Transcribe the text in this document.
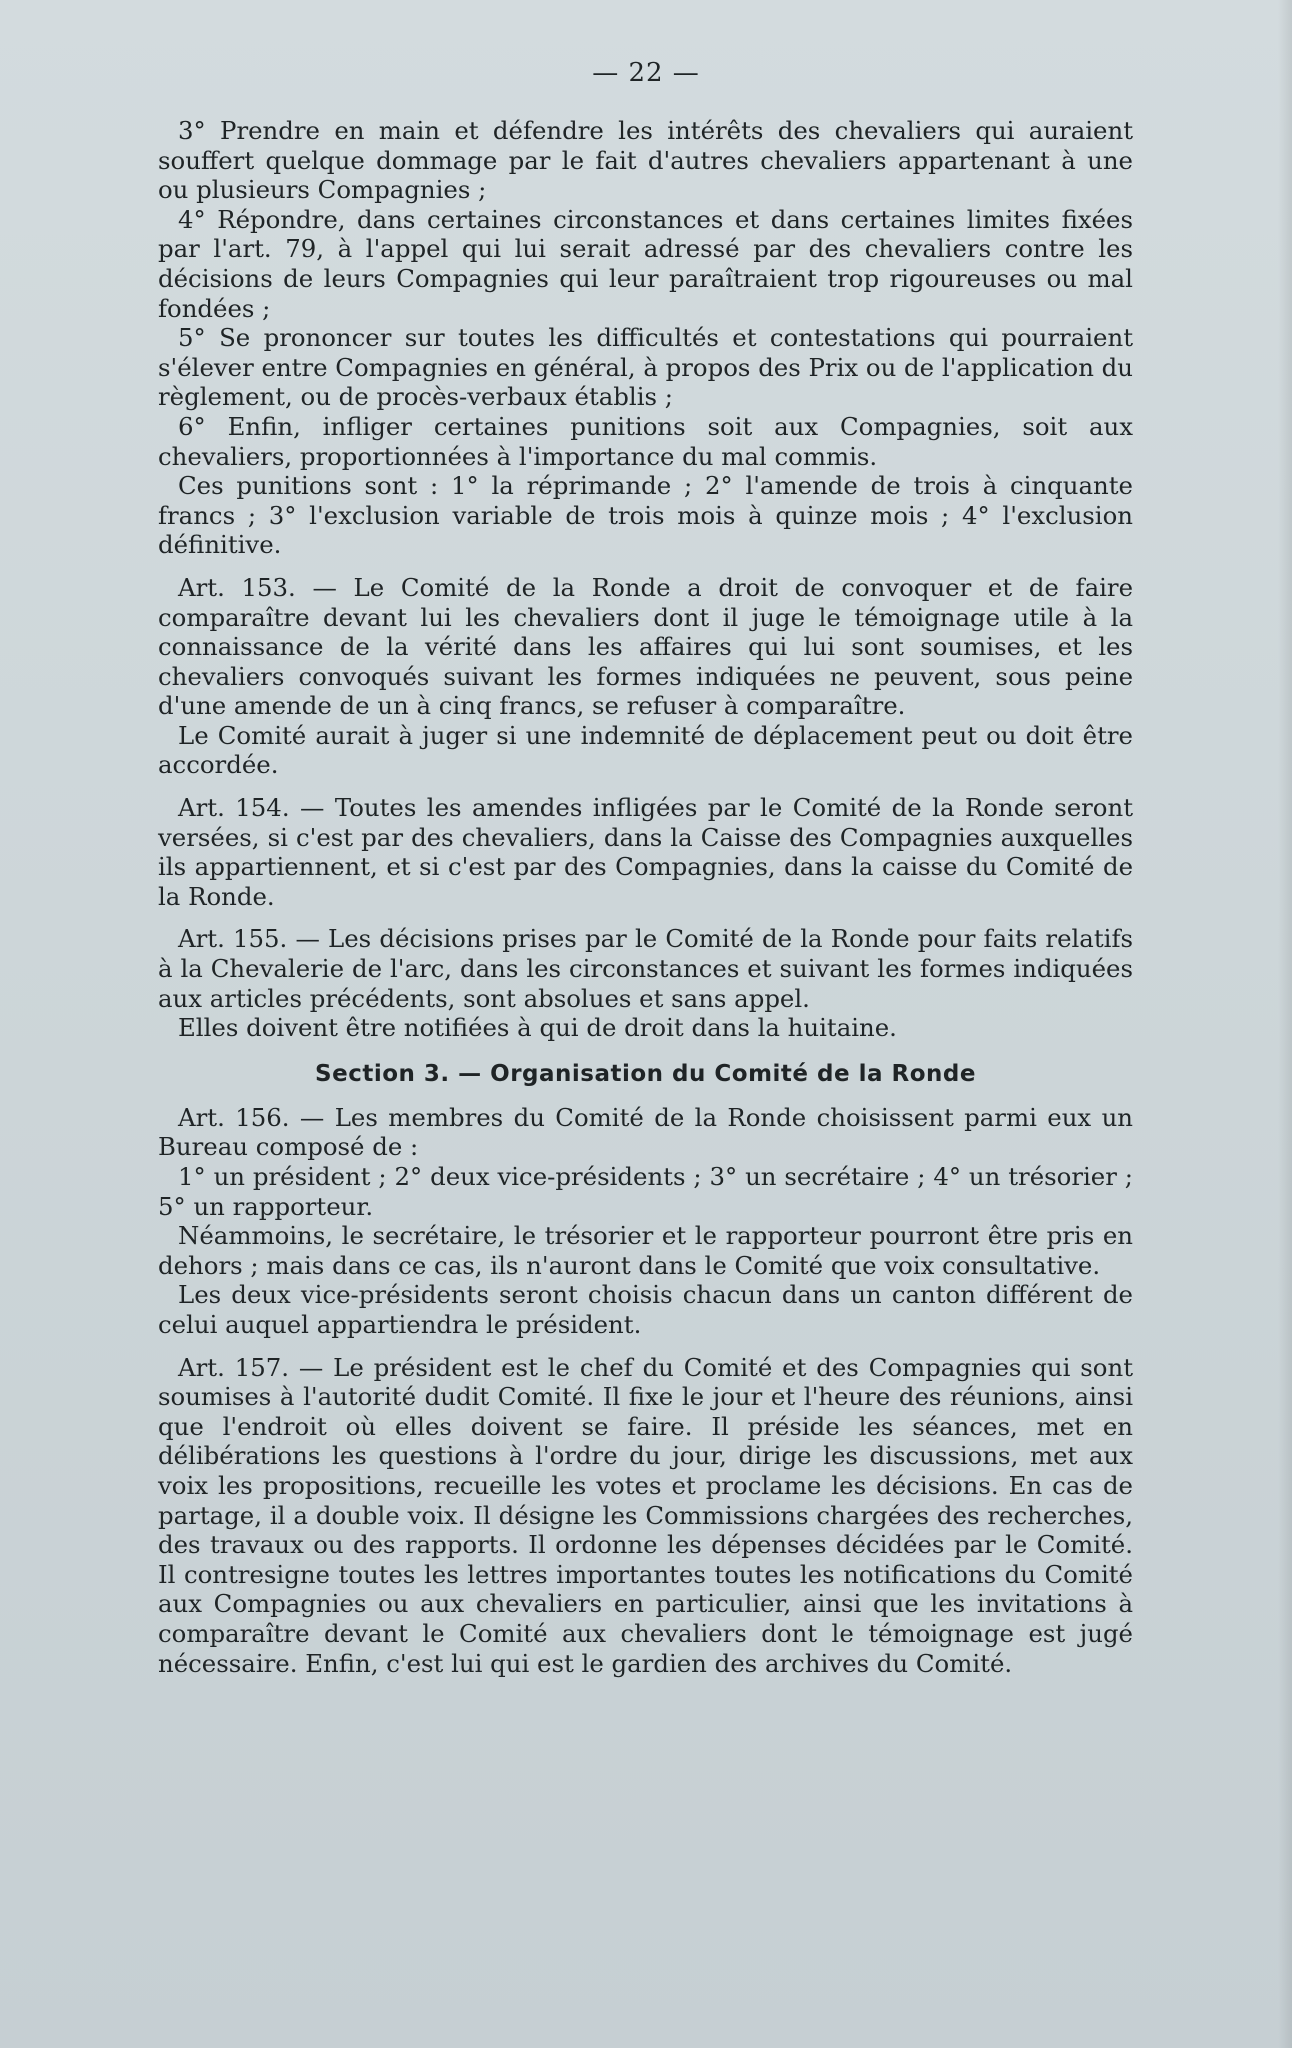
— 22 —

3° Prendre en main et défendre les intérêts des chevaliers qui auraient souffert quelque dommage par le fait d'autres chevaliers appartenant à une ou plusieurs Compagnies ;

4° Répondre, dans certaines circonstances et dans certaines limites fixées par l'art. 79, à l'appel qui lui serait adressé par des chevaliers contre les décisions de leurs Compagnies qui leur paraîtraient trop rigoureuses ou mal fondées ;

5° Se prononcer sur toutes les difficultés et contestations qui pourraient s'élever entre Compagnies en général, à propos des Prix ou de l'application du règlement, ou de procès-verbaux établis ;

6° Enfin, infliger certaines punitions soit aux Compagnies, soit aux chevaliers, proportionnées à l'importance du mal commis.

Ces punitions sont : 1° la réprimande ; 2° l'amende de trois à cinquante francs ; 3° l'exclusion variable de trois mois à quinze mois ; 4° l'exclusion définitive.

Art. 153. — Le Comité de la Ronde a droit de convoquer et de faire comparaître devant lui les chevaliers dont il juge le témoignage utile à la connaissance de la vérité dans les affaires qui lui sont soumises, et les chevaliers convoqués suivant les formes indiquées ne peuvent, sous peine d'une amende de un à cinq francs, se refuser à comparaître.

Le Comité aurait à juger si une indemnité de déplacement peut ou doit être accordée.

Art. 154. — Toutes les amendes infligées par le Comité de la Ronde seront versées, si c'est par des chevaliers, dans la Caisse des Compagnies auxquelles ils appartiennent, et si c'est par des Compagnies, dans la caisse du Comité de la Ronde.

Art. 155. — Les décisions prises par le Comité de la Ronde pour faits relatifs à la Chevalerie de l'arc, dans les circonstances et suivant les formes indiquées aux articles précédents, sont absolues et sans appel.

Elles doivent être notifiées à qui de droit dans la huitaine.

Section 3. — Organisation du Comité de la Ronde

Art. 156. — Les membres du Comité de la Ronde choisissent parmi eux un Bureau composé de :

1° un président ; 2° deux vice-présidents ; 3° un secrétaire ; 4° un trésorier ; 5° un rapporteur.

Néammoins, le secrétaire, le trésorier et le rapporteur pourront être pris en dehors ; mais dans ce cas, ils n'auront dans le Comité que voix consultative.

Les deux vice-présidents seront choisis chacun dans un canton différent de celui auquel appartiendra le président.

Art. 157. — Le président est le chef du Comité et des Compagnies qui sont soumises à l'autorité dudit Comité. Il fixe le jour et l'heure des réunions, ainsi que l'endroit où elles doivent se faire. Il préside les séances, met en délibérations les questions à l'ordre du jour, dirige les discussions, met aux voix les propositions, recueille les votes et proclame les décisions. En cas de partage, il a double voix. Il désigne les Commissions chargées des recherches, des travaux ou des rapports. Il ordonne les dépenses décidées par le Comité. Il contresigne toutes les lettres importantes toutes les notifications du Comité aux Compagnies ou aux chevaliers en particulier, ainsi que les invitations à comparaître devant le Comité aux chevaliers dont le témoignage est jugé nécessaire. Enfin, c'est lui qui est le gardien des archives du Comité.
